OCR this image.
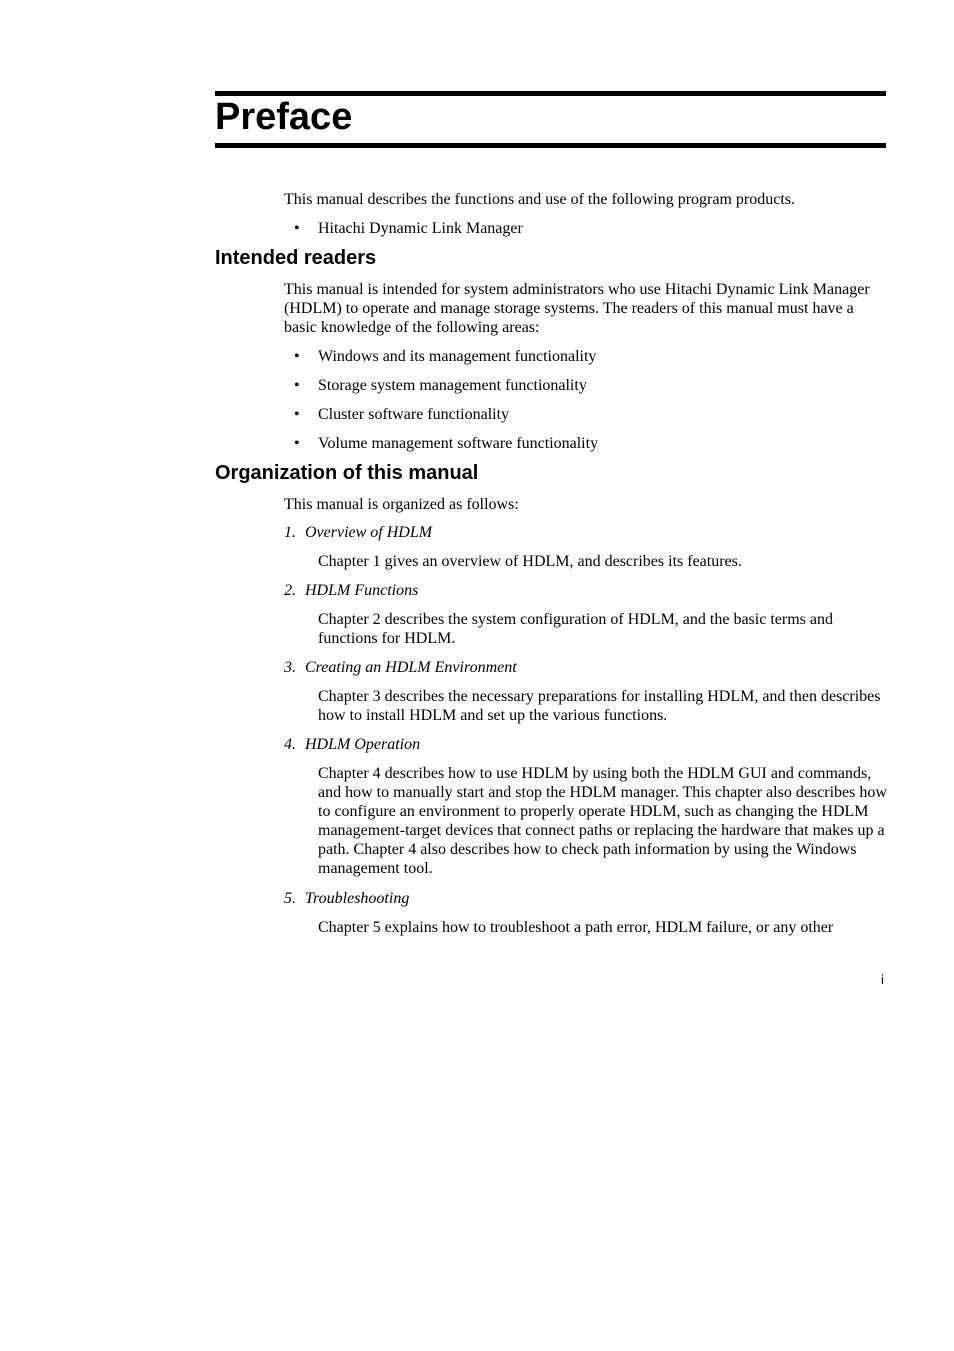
Preface

This manual describes the functions and use of the following program products.

• Hitachi Dynamic Link Manager

Intended readers

This manual is intended for system administrators who use Hitachi Dynamic Link Manager (HDLM) to operate and manage storage systems. The readers of this manual must have a basic knowledge of the following areas:

• Windows and its management functionality

• Storage system management functionality

• Cluster software functionality

• Volume management software functionality

Organization of this manual

This manual is organized as follows:

1. Overview of HDLM

Chapter 1 gives an overview of HDLM, and describes its features.

2. HDLM Functions

Chapter 2 describes the system configuration of HDLM, and the basic terms and functions for HDLM.

3. Creating an HDLM Environment

Chapter 3 describes the necessary preparations for installing HDLM, and then describes how to install HDLM and set up the various functions.

4. HDLM Operation

Chapter 4 describes how to use HDLM by using both the HDLM GUI and commands, and how to manually start and stop the HDLM manager. This chapter also describes how to configure an environment to properly operate HDLM, such as changing the HDLM management-target devices that connect paths or replacing the hardware that makes up a path. Chapter 4 also describes how to check path information by using the Windows management tool.

5. Troubleshooting

Chapter 5 explains how to troubleshoot a path error, HDLM failure, or any other

i
